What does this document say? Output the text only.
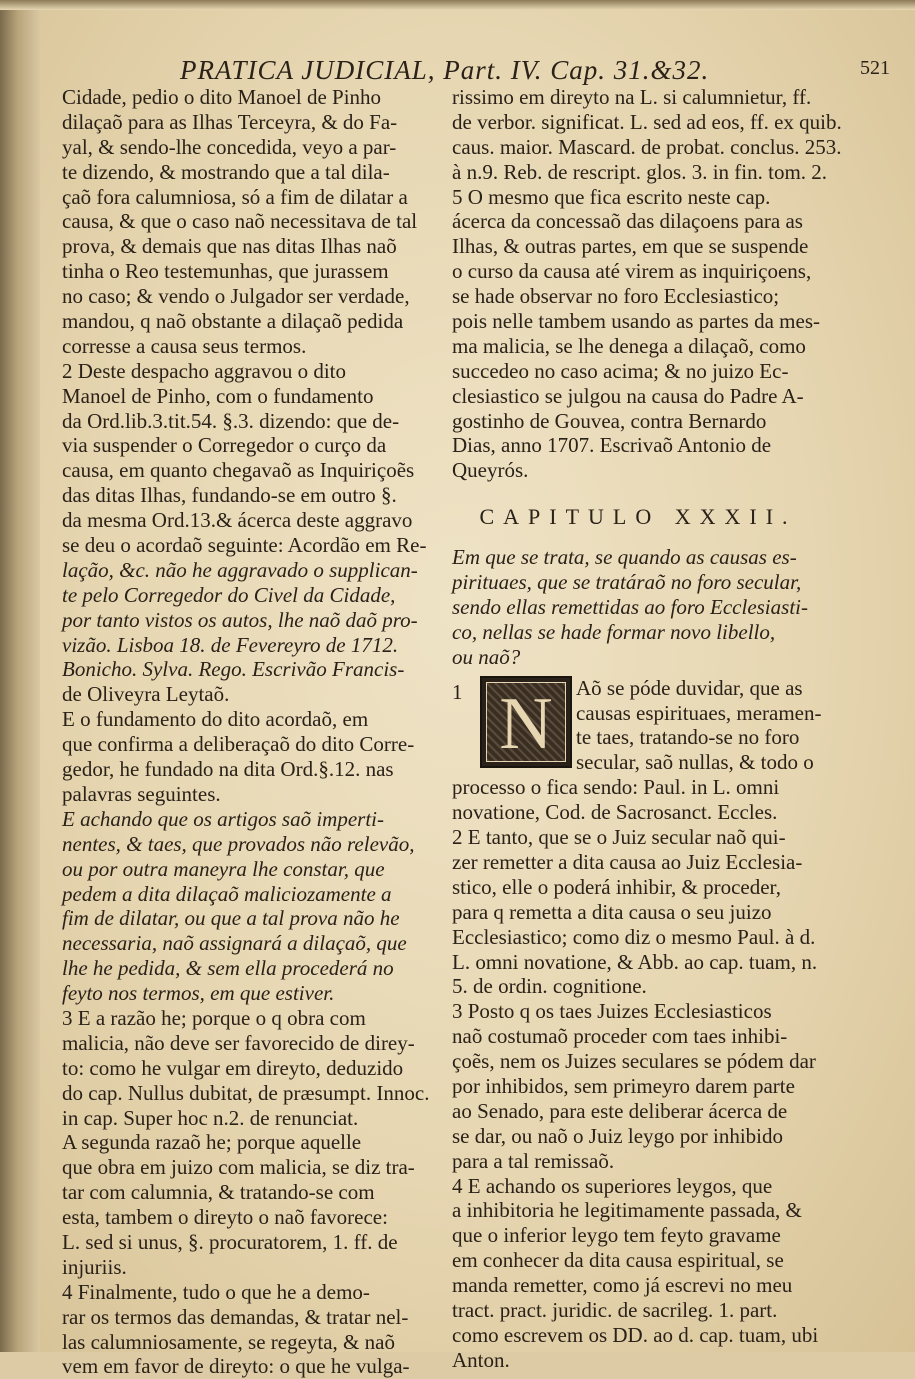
PRATICA JUDICIAL, Part. IV. Cap. 31.&32.	521
Cidade, pedio o dito Manoel de Pinho
dilaçaõ para as Ilhas Terceyra, & do Fa-
yal, & sendo-lhe concedida, veyo a par-
te dizendo, & mostrando que a tal dila-
çaõ fora calumniosa, só a fim de dilatar a
causa, & que o caso naõ necessitava de tal
prova, & demais que nas ditas Ilhas naõ
tinha o Reo testemunhas, que jurassem
no caso; & vendo o Julgador ser verdade,
mandou, q naõ obstante a dilaçaõ pedida
corresse a causa seus termos.
2 Deste despacho aggravou o dito
Manoel de Pinho, com o fundamento
da Ord.lib.3.tit.54. §.3. dizendo: que de-
via suspender o Corregedor o curço da
causa, em quanto chegavaõ as Inquiriçoẽs
das ditas Ilhas, fundando-se em outro §.
da mesma Ord.13.& ácerca deste aggravo
se deu o acordaõ seguinte: Acordão em Re-
lação, &c. não he aggravado o supplican-
te pelo Corregedor do Civel da Cidade,
por tanto vistos os autos, lhe naõ daõ pro-
vizão. Lisboa 18. de Fevereyro de 1712.
Bonicho. Sylva. Rego. Escrivão Francis-
de Oliveyra Leytaõ.
E o fundamento do dito acordaõ, em
que confirma a deliberaçaõ do dito Corre-
gedor, he fundado na dita Ord.§.12. nas
palavras seguintes.
E achando que os artigos saõ imperti-
nentes, & taes, que provados não relevão,
ou por outra maneyra lhe constar, que
pedem a dita dilaçaõ maliciozamente a
fim de dilatar, ou que a tal prova não he
necessaria, naõ assignará a dilaçaõ, que
lhe he pedida, & sem ella procederá no
feyto nos termos, em que estiver.
3 E a razão he; porque o q obra com
malicia, não deve ser favorecido de direy-
to: como he vulgar em direyto, deduzido
do cap. Nullus dubitat, de præsumpt. Innoc.
in cap. Super hoc n.2. de renunciat.
A segunda razaõ he; porque aquelle
que obra em juizo com malicia, se diz tra-
tar com calumnia, & tratando-se com
esta, tambem o direyto o naõ favorece:
L. sed si unus, §. procuratorem, 1. ff. de
injuriis.
4 Finalmente, tudo o que he a demo-
rar os termos das demandas, & tratar nel-
las calumniosamente, se regeyta, & naõ
vem em favor de direyto: o que he vulga-
rissimo em direyto na L. si calumnietur, ff.
de verbor. significat. L. sed ad eos, ff. ex quib.
caus. maior. Mascard. de probat. conclus. 253.
à n.9. Reb. de rescript. glos. 3. in fin. tom. 2.
5 O mesmo que fica escrito neste cap.
ácerca da concessaõ das dilaçoens para as
Ilhas, & outras partes, em que se suspende
o curso da causa até virem as inquiriçoens,
se hade observar no foro Ecclesiastico;
pois nelle tambem usando as partes da mes-
ma malicia, se lhe denega a dilaçaõ, como
succedeo no caso acima; & no juizo Ec-
clesiastico se julgou na causa do Padre A-
gostinho de Gouvea, contra Bernardo
Dias, anno 1707. Escrivaõ Antonio de
Queyrós.
CAPITULO XXXII.
Em que se trata, se quando as causas es-
pirituaes, que se tratáraõ no foro secular,
sendo ellas remettidas ao foro Ecclesiasti-
co, nellas se hade formar novo libello,
ou naõ?
1 N	Aõ se póde duvidar, que as
causas espirituaes, meramen-
te taes, tratando-se no foro
secular, saõ nullas, & todo o
processo o fica sendo: Paul. in L. omni
novatione, Cod. de Sacrosanct. Eccles.
2 E tanto, que se o Juiz secular naõ qui-
zer remetter a dita causa ao Juiz Ecclesia-
stico, elle o poderá inhibir, & proceder,
para q remetta a dita causa o seu juizo
Ecclesiastico; como diz o mesmo Paul. à d.
L. omni novatione, & Abb. ao cap. tuam, n.
5. de ordin. cognitione.
3 Posto q os taes Juizes Ecclesiasticos
naõ costumaõ proceder com taes inhibi-
çoẽs, nem os Juizes seculares se pódem dar
por inhibidos, sem primeyro darem parte
ao Senado, para este deliberar ácerca de
se dar, ou naõ o Juiz leygo por inhibido
para a tal remissaõ.
4 E achando os superiores leygos, que
a inhibitoria he legitimamente passada, &
que o inferior leygo tem feyto gravame
em conhecer da dita causa espiritual, se
manda remetter, como já escrevi no meu
tract. pract. juridic. de sacrileg. 1. part.
como escrevem os DD. ao d. cap. tuam, ubi
Anton.
